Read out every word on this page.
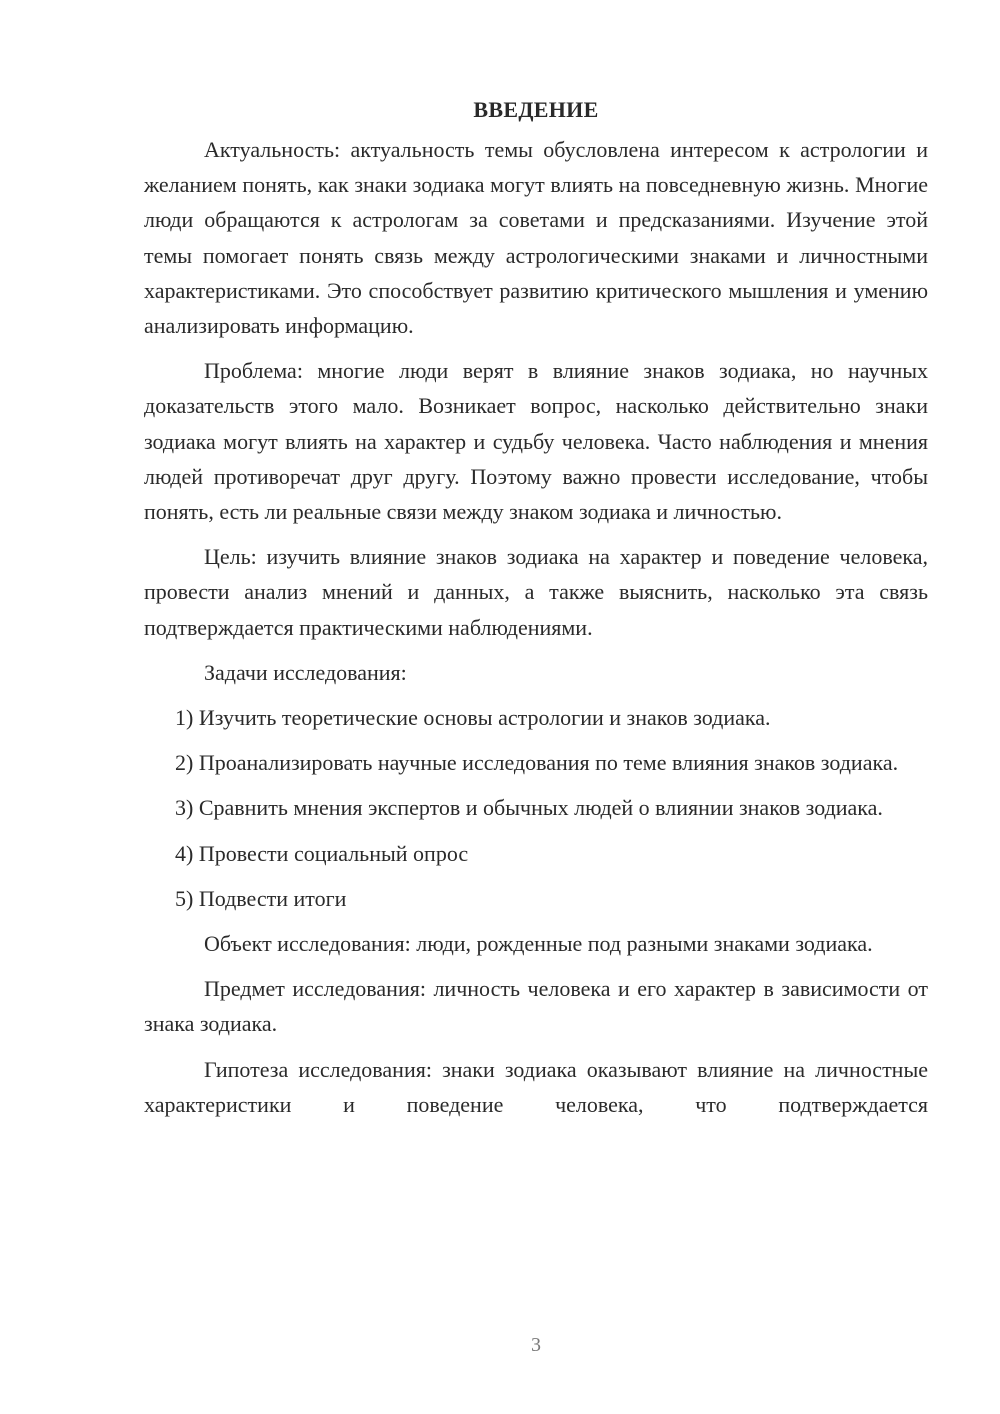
ВВЕДЕНИЕ

Актуальность: актуальность темы обусловлена интересом к астрологии и желанием понять, как знаки зодиака могут влиять на повседневную жизнь. Многие люди обращаются к астрологам за советами и предсказаниями. Изучение этой темы помогает понять связь между астрологическими знаками и личностными характеристиками. Это способствует развитию критического мышления и умению анализировать информацию.

Проблема: многие люди верят в влияние знаков зодиака, но научных доказательств этого мало. Возникает вопрос, насколько действительно знаки зодиака могут влиять на характер и судьбу человека. Часто наблюдения и мнения людей противоречат друг другу. Поэтому важно провести исследование, чтобы понять, есть ли реальные связи между знаком зодиака и личностью.

Цель: изучить влияние знаков зодиака на характер и поведение человека, провести анализ мнений и данных, а также выяснить, насколько эта связь подтверждается практическими наблюдениями.

Задачи исследования:

1) Изучить теоретические основы астрологии и знаков зодиака.

2) Проанализировать научные исследования по теме влияния знаков зодиака.

3) Сравнить мнения экспертов и обычных людей о влиянии знаков зодиака.

4) Провести социальный опрос

5) Подвести итоги

Объект исследования: люди, рожденные под разными знаками зодиака.

Предмет исследования: личность человека и его характер в зависимости от знака зодиака.

Гипотеза исследования: знаки зодиака оказывают влияние на личностные характеристики и поведение человека, что подтверждается

3
